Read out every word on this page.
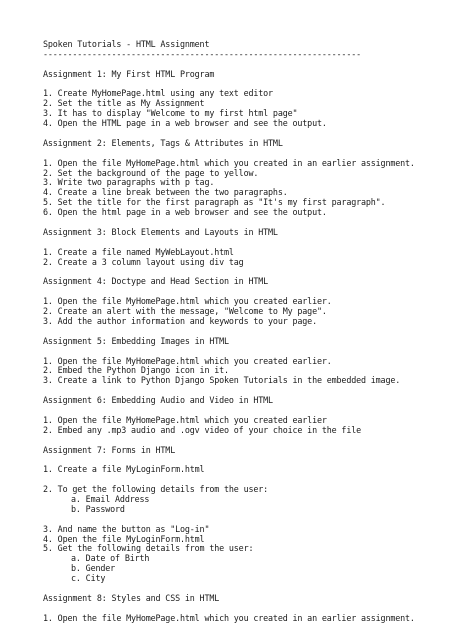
Spoken Tutorials - HTML Assignment
-----------------------------------------------------------------
Assignment 1: My First HTML Program
1. Create MyHomePage.html using any text editor
2. Set the title as My Assignment
3. It has to display "Welcome to my first html page"
4. Open the HTML page in a web browser and see the output.
Assignment 2: Elements, Tags & Attributes in HTML
1. Open the file MyHomePage.html which you created in an earlier assignment.
2. Set the background of the page to yellow.
3. Write two paragraphs with p tag.
4. Create a line break between the two paragraphs.
5. Set the title for the first paragraph as "It's my first paragraph".
6. Open the html page in a web browser and see the output.
Assignment 3: Block Elements and Layouts in HTML
1. Create a file named MyWebLayout.html
2. Create a 3 column layout using div tag
Assignment 4: Doctype and Head Section in HTML
1. Open the file MyHomePage.html which you created earlier.
2. Create an alert with the message, "Welcome to My page".
3. Add the author information and keywords to your page.
Assignment 5: Embedding Images in HTML
1. Open the file MyHomePage.html which you created earlier.
2. Embed the Python Django icon in it.
3. Create a link to Python Django Spoken Tutorials in the embedded image.
Assignment 6: Embedding Audio and Video in HTML
1. Open the file MyHomePage.html which you created earlier
2. Embed any .mp3 audio and .ogv video of your choice in the file
Assignment 7: Forms in HTML
1. Create a file MyLoginForm.html
2. To get the following details from the user:
a. Email Address
b. Password
3. And name the button as "Log-in"
4. Open the file MyLoginForm.html
5. Get the following details from the user:
a. Date of Birth
b. Gender
c. City
Assignment 8: Styles and CSS in HTML
1. Open the file MyHomePage.html which you created in an earlier assignment.
